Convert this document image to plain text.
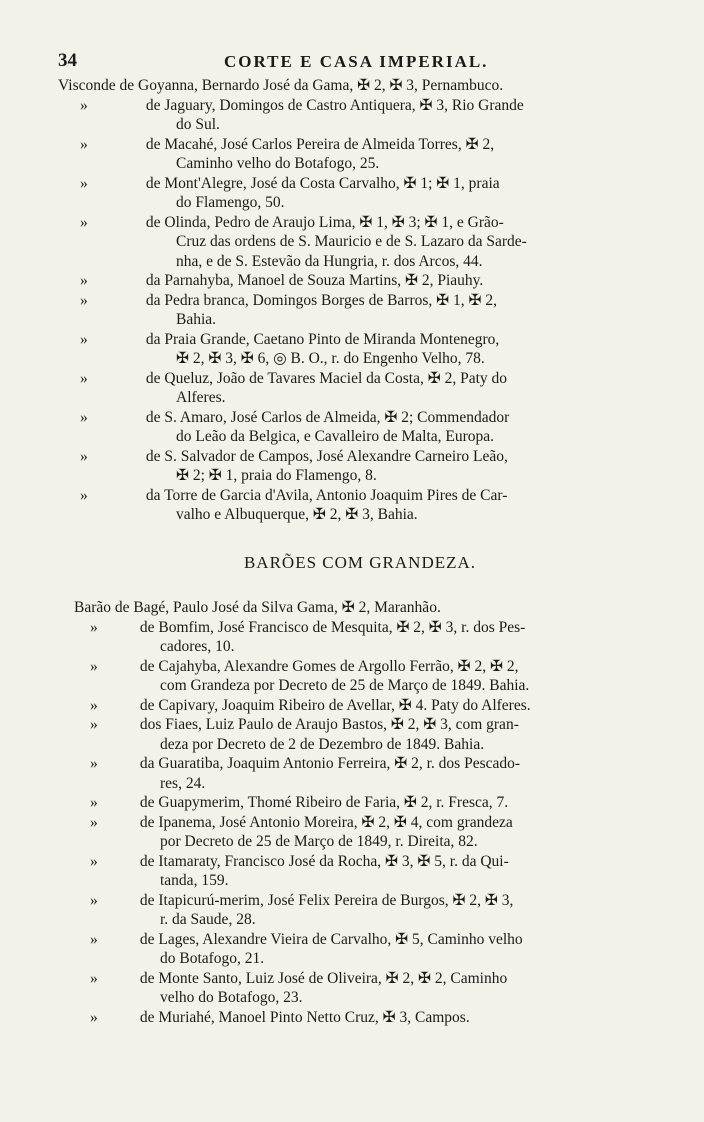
34	CORTE E CASA IMPERIAL.

Visconde de Goyanna, Bernardo José da Gama, ✠ 2, ✠ 3, Pernambuco.

»	de Jaguary, Domingos de Castro Antiquera, ✠ 3, Rio Grande
do Sul.

»	de Macahé, José Carlos Pereira de Almeida Torres, ✠ 2,
Caminho velho do Botafogo, 25.

»	de Mont'Alegre, José da Costa Carvalho, ✠ 1; ✠ 1, praia
do Flamengo, 50.

»	de Olinda, Pedro de Araujo Lima, ✠ 1, ✠ 3; ✠ 1, e Grão-
Cruz das ordens de S. Mauricio e de S. Lazaro da Sarde-
nha, e de S. Estevão da Hungria, r. dos Arcos, 44.

»	da Parnahyba, Manoel de Souza Martins, ✠ 2, Piauhy.

»	da Pedra branca, Domingos Borges de Barros, ✠ 1, ✠ 2,
Bahia.

»	da Praia Grande, Caetano Pinto de Miranda Montenegro,
✠ 2, ✠ 3, ✠ 6, ◎ B. O., r. do Engenho Velho, 78.

»	de Queluz, João de Tavares Maciel da Costa, ✠ 2, Paty do
Alferes.

»	de S. Amaro, José Carlos de Almeida, ✠ 2; Commendador
do Leão da Belgica, e Cavalleiro de Malta, Europa.

»	de S. Salvador de Campos, José Alexandre Carneiro Leão,
✠ 2; ✠ 1, praia do Flamengo, 8.

»	da Torre de Garcia d'Avila, Antonio Joaquim Pires de Car-
valho e Albuquerque, ✠ 2, ✠ 3, Bahia.

BARÕES COM GRANDEZA.

Barão de Bagé, Paulo José da Silva Gama, ✠ 2, Maranhão.

»	de Bomfim, José Francisco de Mesquita, ✠ 2, ✠ 3, r. dos Pes-
cadores, 10.

»	de Cajahyba, Alexandre Gomes de Argollo Ferrão, ✠ 2, ✠ 2,
com Grandeza por Decreto de 25 de Março de 1849. Bahia.

»	de Capivary, Joaquim Ribeiro de Avellar, ✠ 4. Paty do Alferes.

»	dos Fiaes, Luiz Paulo de Araujo Bastos, ✠ 2, ✠ 3, com gran-
deza por Decreto de 2 de Dezembro de 1849. Bahia.

»	da Guaratiba, Joaquim Antonio Ferreira, ✠ 2, r. dos Pescado-
res, 24.

»	de Guapymerim, Thomé Ribeiro de Faria, ✠ 2, r. Fresca, 7.

»	de Ipanema, José Antonio Moreira, ✠ 2, ✠ 4, com grandeza
por Decreto de 25 de Março de 1849, r. Direita, 82.

»	de Itamaraty, Francisco José da Rocha, ✠ 3, ✠ 5, r. da Qui-
tanda, 159.

»	de Itapicurú-merim, José Felix Pereira de Burgos, ✠ 2, ✠ 3,
r. da Saude, 28.

»	de Lages, Alexandre Vieira de Carvalho, ✠ 5, Caminho velho
do Botafogo, 21.

»	de Monte Santo, Luiz José de Oliveira, ✠ 2, ✠ 2, Caminho
velho do Botafogo, 23.

»	de Muriahé, Manoel Pinto Netto Cruz, ✠ 3, Campos.
